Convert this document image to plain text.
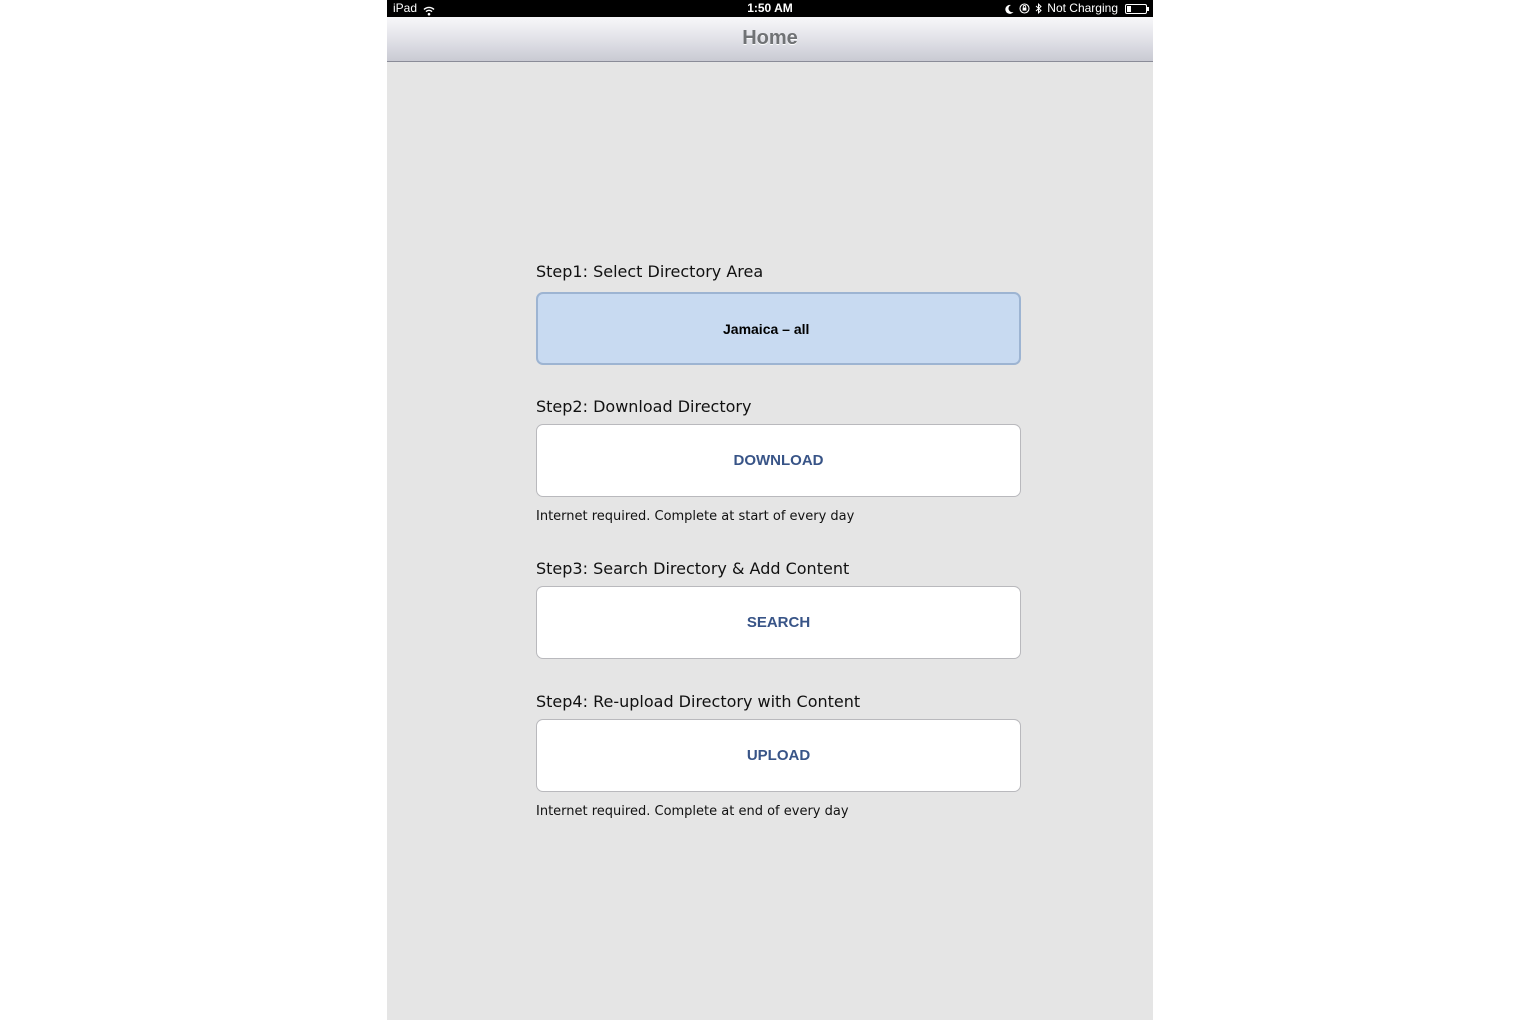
iPad	1:50 AM	Not Charging
Home
Step1: Select Directory Area
Jamaica – all
Step2: Download Directory
DOWNLOAD
Internet required. Complete at start of every day
Step3: Search Directory & Add Content
SEARCH
Step4: Re-upload Directory with Content
UPLOAD
Internet required. Complete at end of every day
